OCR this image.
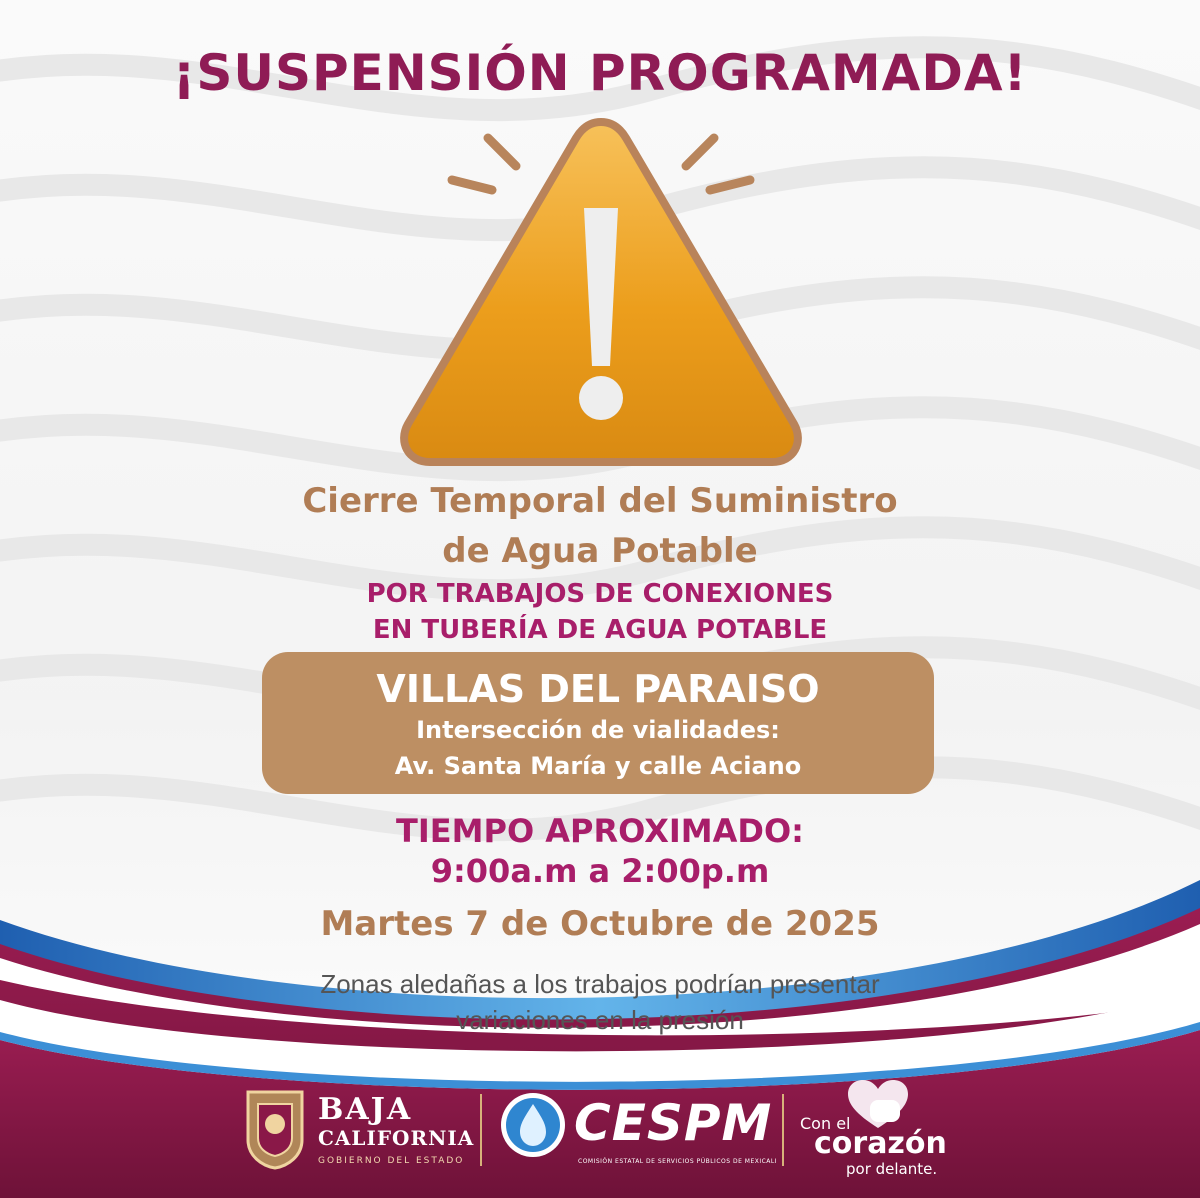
¡SUSPENSIÓN PROGRAMADA!
Cierre Temporal del Suministro
de Agua Potable
POR TRABAJOS DE CONEXIONES
EN TUBERÍA DE AGUA POTABLE
VILLAS DEL PARAISO
Intersección de vialidades:
Av. Santa María y calle Aciano
TIEMPO APROXIMADO:
9:00a.m a 2:00p.m
Martes 7 de Octubre de 2025
Zonas aledañas a los trabajos podrían presentar
variaciones en la presión
BAJA
CALIFORNIA
GOBIERNO DEL ESTADO
CESPM
COMISIÓN ESTATAL DE SERVICIOS PÚBLICOS DE MEXICALI
Con el
corazón
por delante.
